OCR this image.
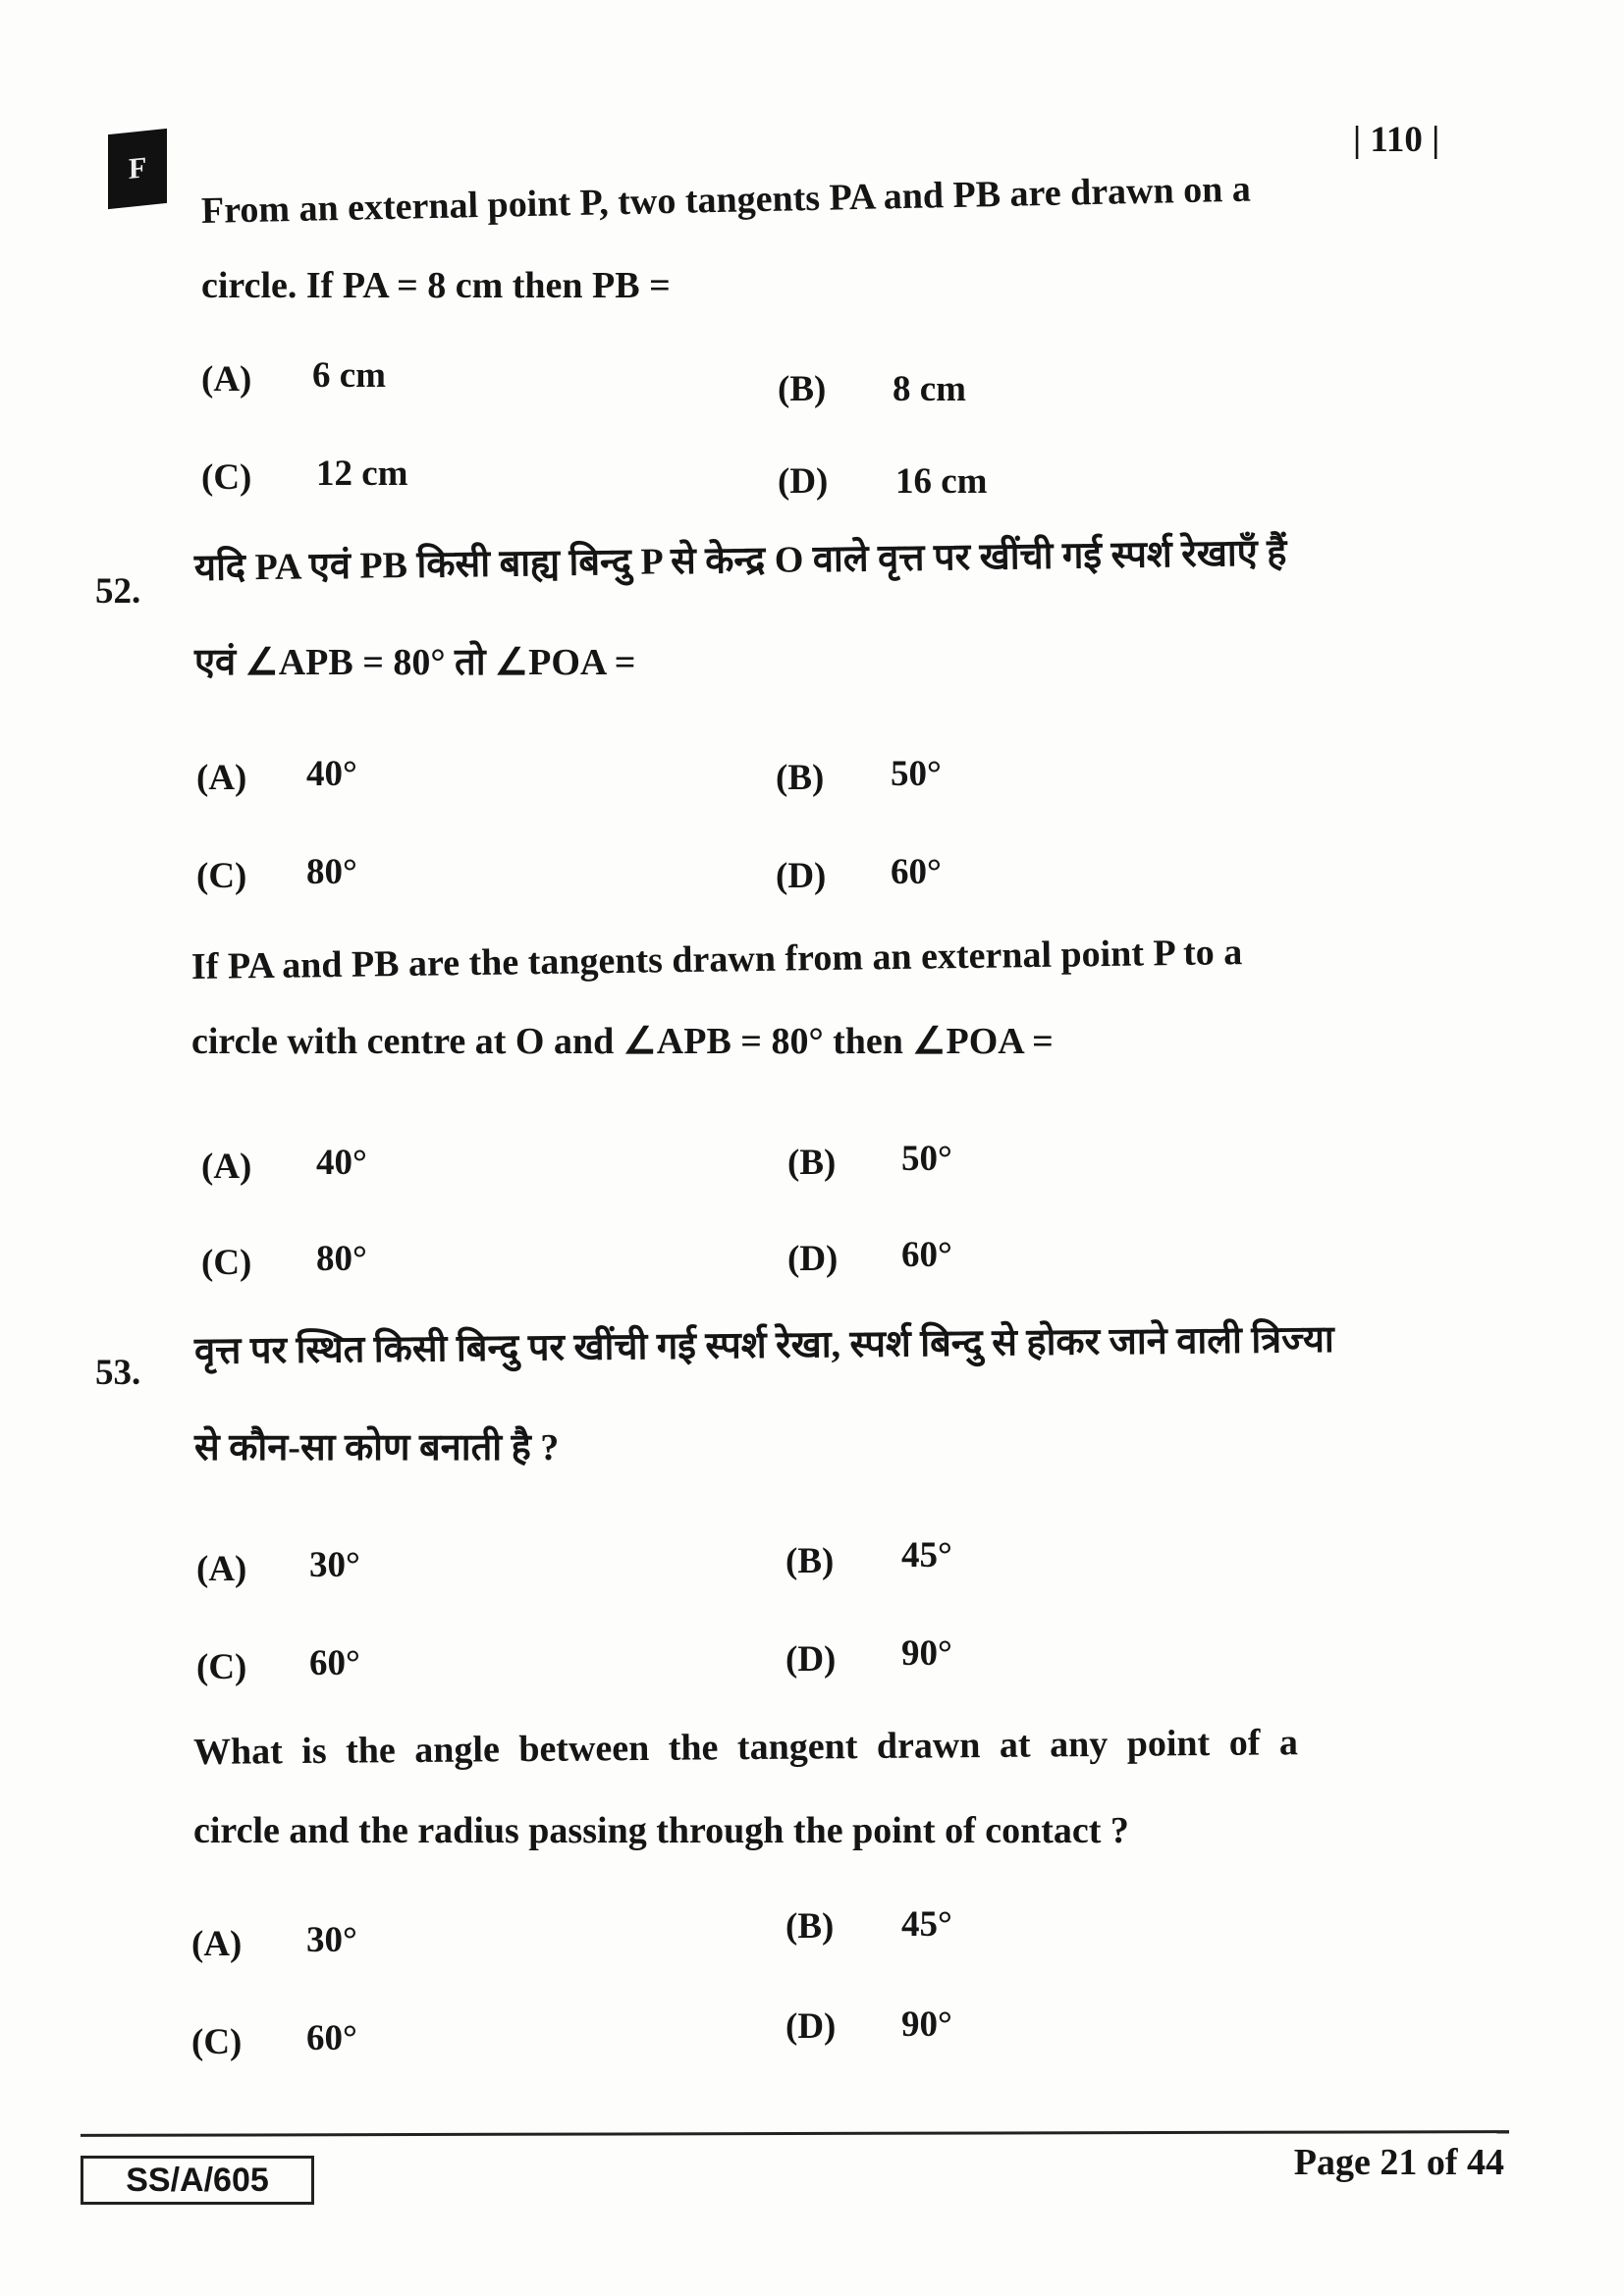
F
| 110 |
From an external point P, two tangents PA and PB are drawn on a
circle. If PA = 8 cm then PB =
(A) 6 cm	(B) 8 cm
(C) 12 cm	(D) 16 cm
52.
यदि PA एवं PB किसी बाह्य बिन्दु P से केन्द्र O वाले वृत्त पर खींची गई स्पर्श रेखाएँ हैं
एवं ∠APB = 80° तो ∠POA =
(A) 40°	(B) 50°
(C) 80°	(D) 60°
If PA and PB are the tangents drawn from an external point P to a
circle with centre at O and ∠APB = 80° then ∠POA =
(A) 40°	(B) 50°
(C) 80°	(D) 60°
53.
वृत्त पर स्थित किसी बिन्दु पर खींची गई स्पर्श रेखा, स्पर्श बिन्दु से होकर जाने वाली त्रिज्या
से कौन-सा कोण बनाती है ?
(A) 30°	(B) 45°
(C) 60°	(D) 90°
What is the angle between the tangent drawn at any point of a
circle and the radius passing through the point of contact ?
(A) 30°	(B) 45°
(C) 60°	(D) 90°
SS/A/605	Page 21 of 44
